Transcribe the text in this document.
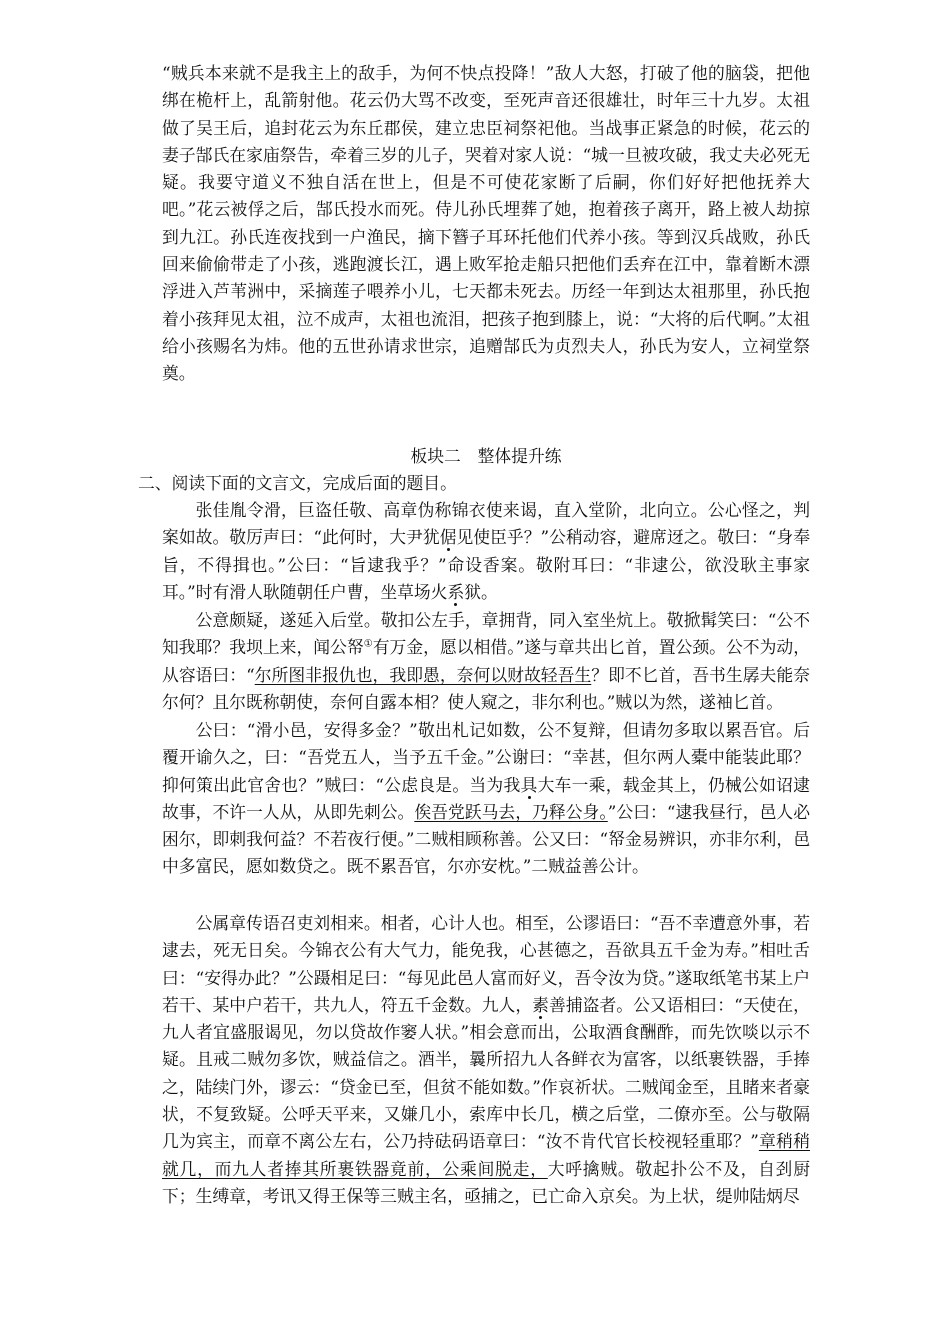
“贼兵本来就不是我主上的敌手，为何不快点投降！”敌人大怒，打破了他的脑袋，把他绑在桅杆上，乱箭射他。花云仍大骂不改变，至死声音还很雄壮，时年三十九岁。太祖做了吴王后，追封花云为东丘郡侯，建立忠臣祠祭祀他。当战事正紧急的时候，花云的妻子郜氏在家庙祭告，牵着三岁的儿子，哭着对家人说：“城一旦被攻破，我丈夫必死无疑。我要守道义不独自活在世上，但是不可使花家断了后嗣，你们好好把他抚养大吧。”花云被俘之后，郜氏投水而死。侍儿孙氏埋葬了她，抱着孩子离开，路上被人劫掠到九江。孙氏连夜找到一户渔民，摘下簪子耳环托他们代养小孩。等到汉兵战败，孙氏回来偷偷带走了小孩，逃跑渡长江，遇上败军抢走船只把他们丢弃在江中，靠着断木漂浮进入芦苇洲中，采摘莲子喂养小儿，七天都未死去。历经一年到达太祖那里，孙氏抱着小孩拜见太祖，泣不成声，太祖也流泪，把孩子抱到膝上，说：“大将的后代啊。”太祖给小孩赐名为炜。他的五世孙请求世宗，追赠郜氏为贞烈夫人，孙氏为安人，立祠堂祭奠。

板块二　整体提升练
二、阅读下面的文言文，完成后面的题目。

张佳胤令滑，巨盗任敬、高章伪称锦衣使来谒，直入堂阶，北向立。公心怪之，判案如故。敬厉声曰：“此何时，大尹犹倨见使臣乎？”公稍动容，避席迓之。敬曰：“身奉旨，不得揖也。”公曰：“旨逮我乎？”命设香案。敬附耳曰：“非逮公，欲没耿主事家耳。”时有滑人耿随朝任户曹，坐草场火系狱。

公意颇疑，遂延入后堂。敬扣公左手，章拥背，同入室坐炕上。敬掀髯笑曰：“公不知我耶？我坝上来，闻公帑①有万金，愿以相借。”遂与章共出匕首，置公颈。公不为动，从容语曰：“尔所图非报仇也，我即愚，奈何以财故轻吾生？即不匕首，吾书生孱夫能奈尔何？且尔既称朝使，奈何自露本相？使人窥之，非尔利也。”贼以为然，遂袖匕首。

公曰：“滑小邑，安得多金？”敬出札记如数，公不复辩，但请勿多取以累吾官。后覆开谕久之，曰：“吾党五人，当予五千金。”公谢曰：“幸甚，但尔两人橐中能装此耶？抑何策出此官舍也？”贼曰：“公虑良是。当为我具大车一乘，载金其上，仍械公如诏逮故事，不许一人从，从即先刺公。俟吾党跃马去，乃释公身。”公曰：“逮我昼行，邑人必困尔，即刺我何益？不若夜行便。”二贼相顾称善。公又曰：“帑金易辨识，亦非尔利，邑中多富民，愿如数贷之。既不累吾官，尔亦安枕。”二贼益善公计。

公属章传语召吏刘相来。相者，心计人也。相至，公谬语曰：“吾不幸遭意外事，若逮去，死无日矣。今锦衣公有大气力，能免我，心甚德之，吾欲具五千金为寿。”相吐舌曰：“安得办此？”公蹑相足曰：“每见此邑人富而好义，吾令汝为贷。”遂取纸笔书某上户若干、某中户若干，共九人，符五千金数。九人，素善捕盗者。公又语相曰：“天使在，九人者宜盛服谒见，勿以贷故作窭人状。”相会意而出，公取酒食酬酢，而先饮啖以示不疑。且戒二贼勿多饮，贼益信之。酒半，曩所招九人各鲜衣为富客，以纸裹铁器，手捧之，陆续门外，谬云：“贷金已至，但贫不能如数。”作哀祈状。二贼闻金至，且睹来者豪状，不复致疑。公呼天平来，又嫌几小，索库中长几，横之后堂，二僚亦至。公与敬隔几为宾主，而章不离公左右，公乃持砝码语章曰：“汝不肯代官长校视轻重耶？”章稍稍就几，而九人者捧其所裹铁器竟前，公乘间脱走，大呼擒贼。敬起扑公不及，自刭厨下；生缚章，考讯又得王保等三贼主名，亟捕之，已亡命入京矣。为上状，缇帅陆炳尽
